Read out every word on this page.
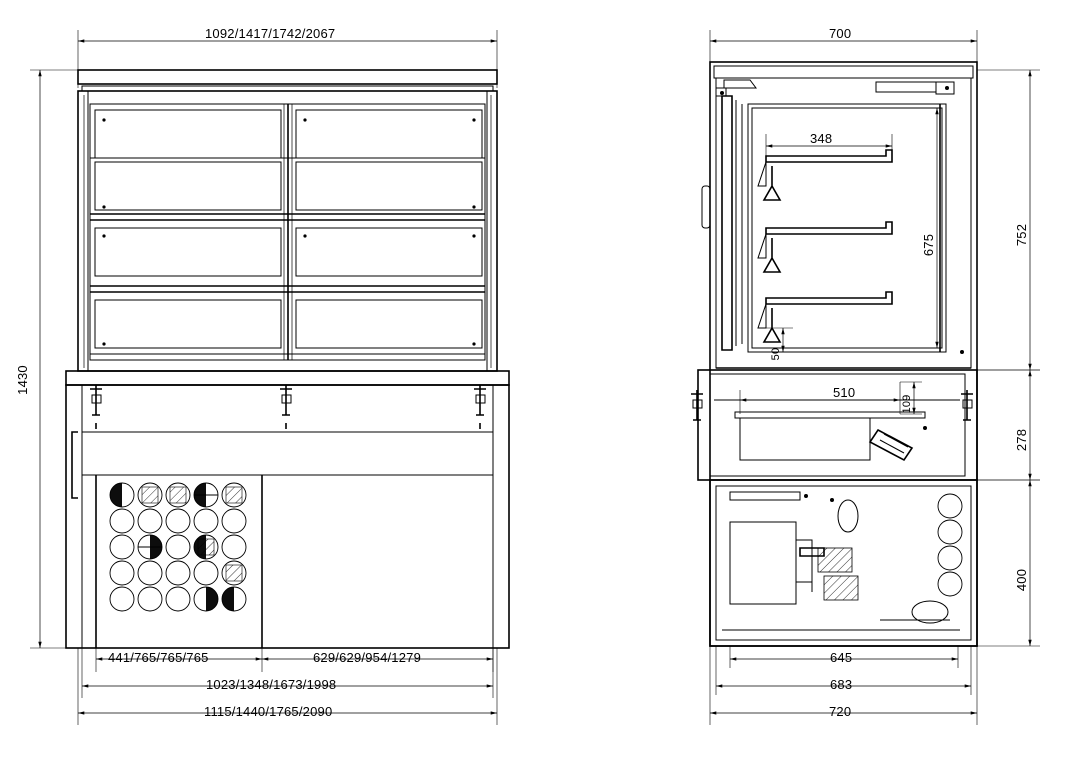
1092/1417/1742/2067
1430
441/765/765/765	629/629/954/1279
1023/1348/1673/1998
1115/1440/1765/2090
700
348
675	752
50
510
109
278
400
645
683
720
